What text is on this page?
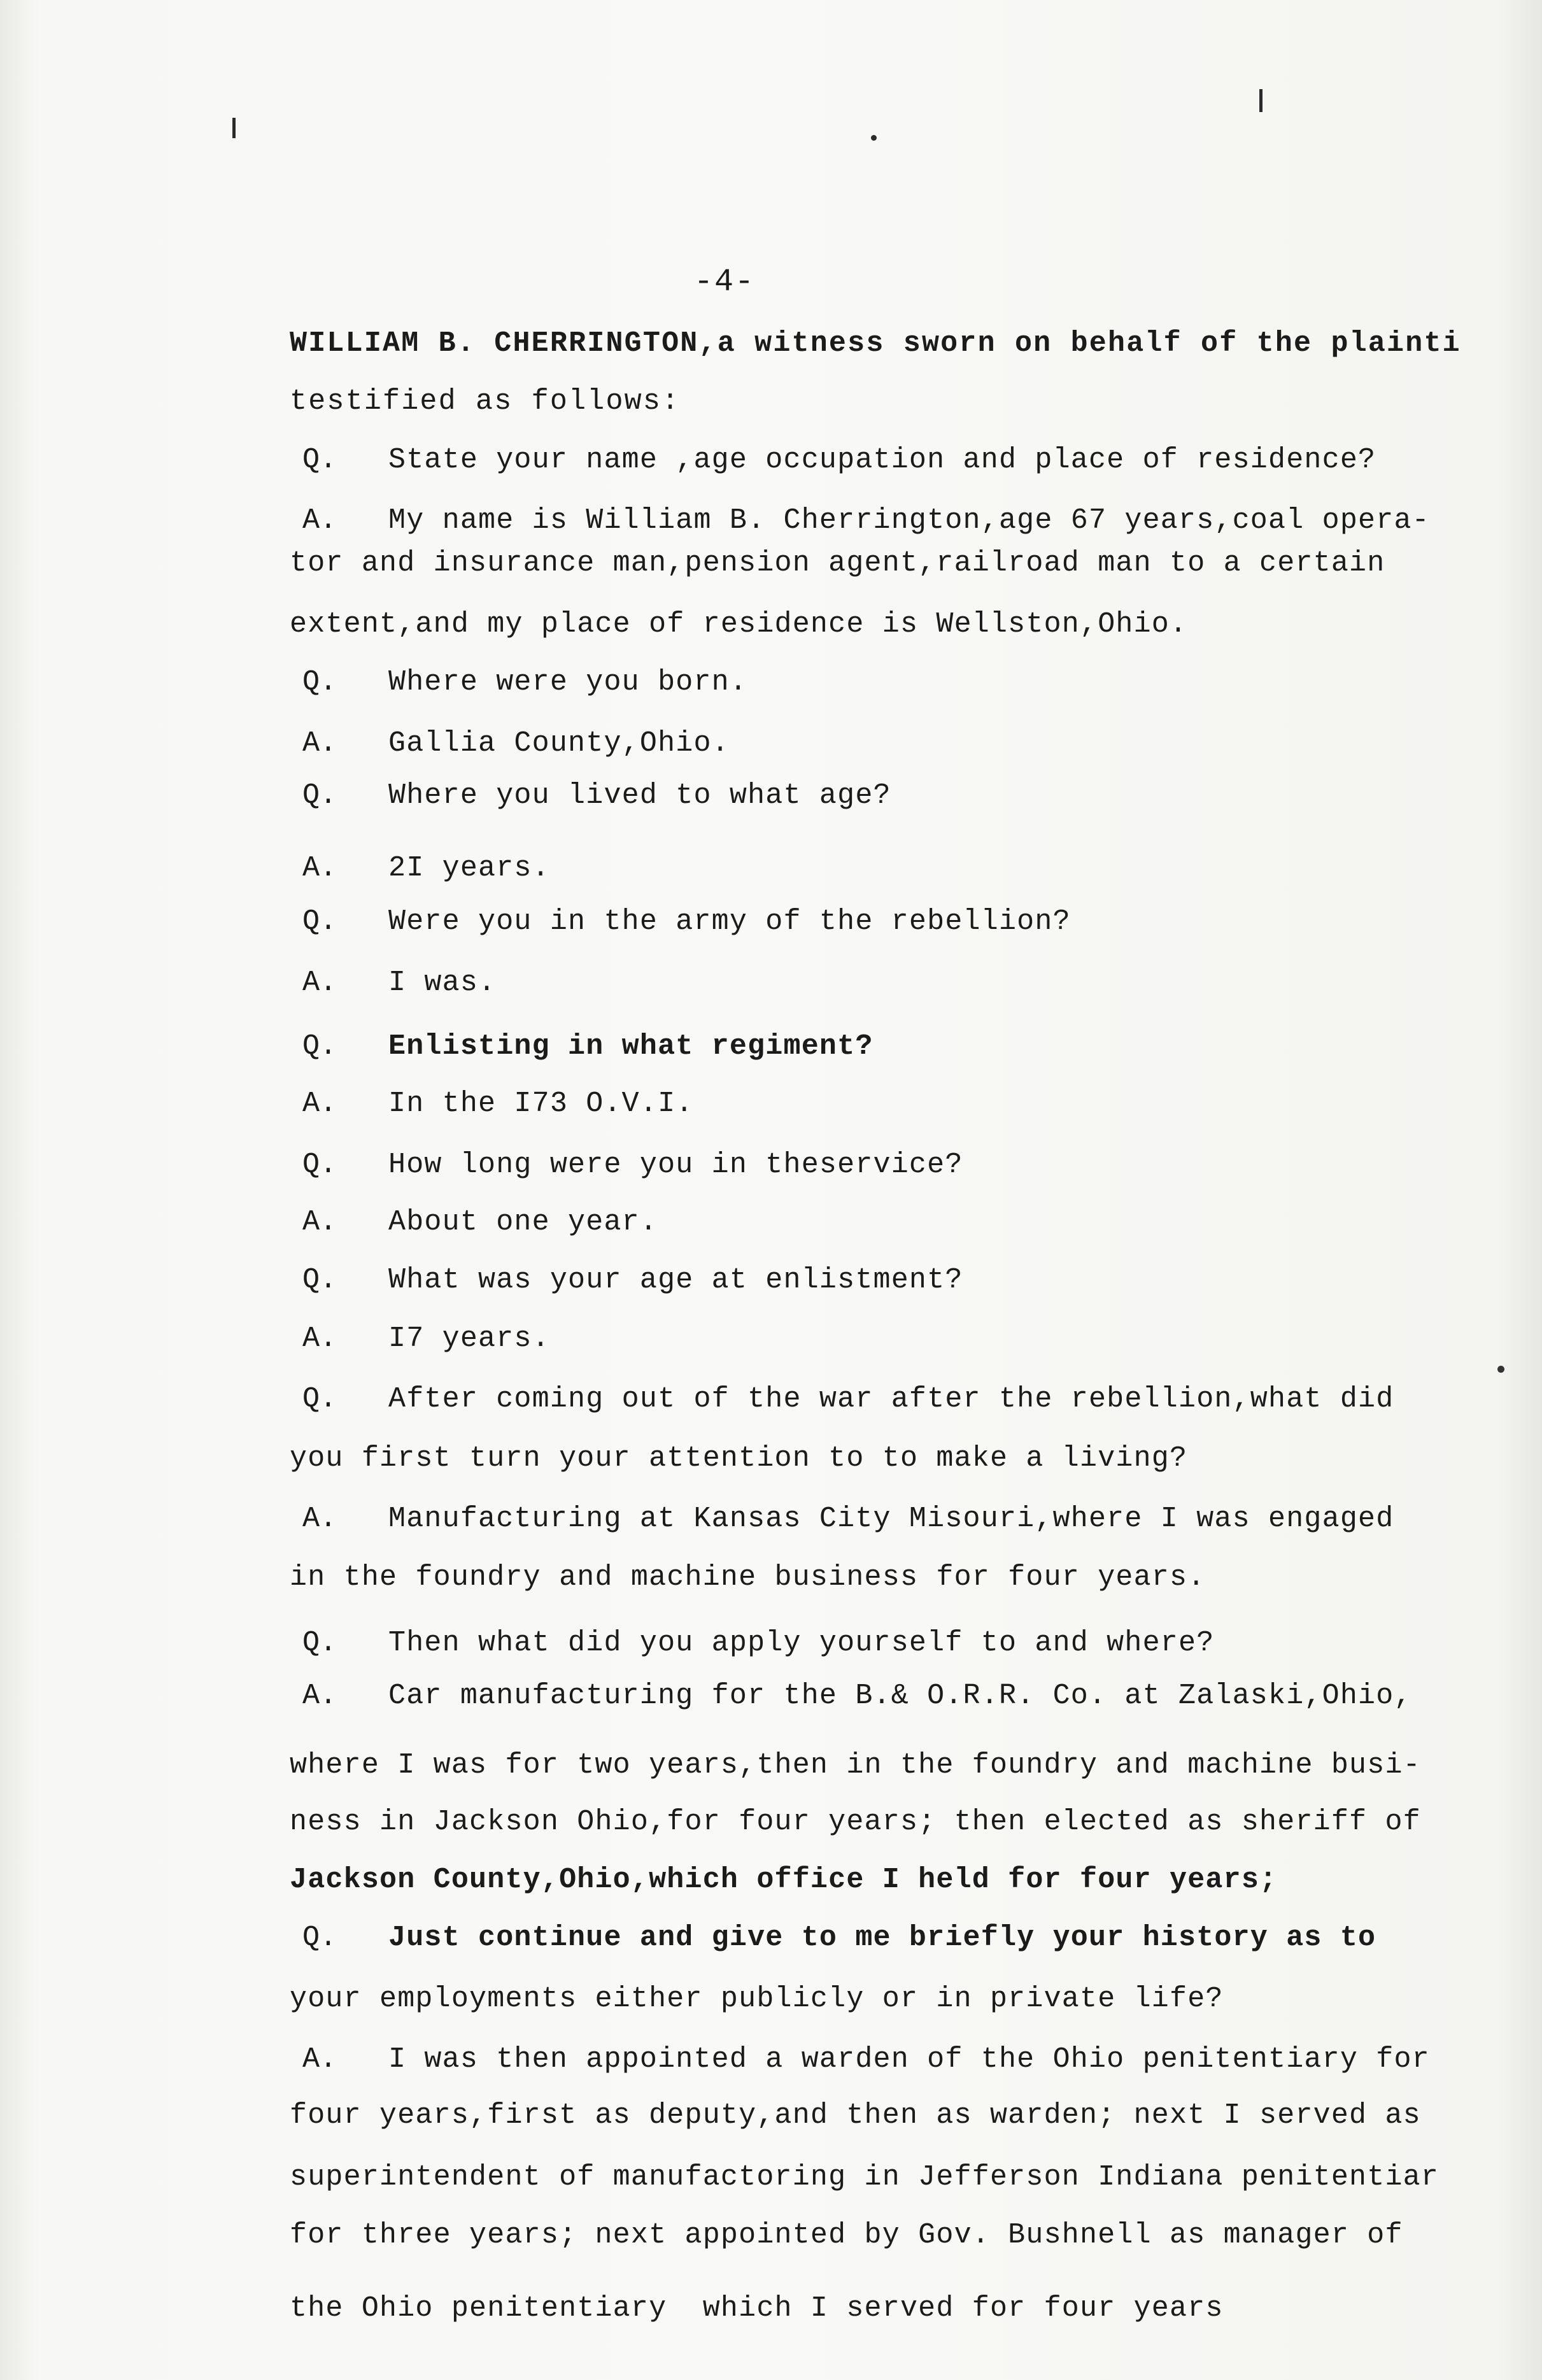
-4-
WILLIAM B. CHERRINGTON,a witness sworn on behalf of the plainti
testified as follows:
Q. State your name ,age occupation and place of residence?
A. My name is William B. Cherrington,age 67 years,coal opera-
tor and insurance man,pension agent,railroad man to a certain
extent,and my place of residence is Wellston,Ohio.
Q. Where were you born.
A. Gallia County,Ohio.
Q. Where you lived to what age?
A. 2I years.
Q. Were you in the army of the rebellion?
A. I was.
Q. Enlisting in what regiment?
A. In the I73 O.V.I.
Q. How long were you in theservice?
A. About one year.
Q. What was your age at enlistment?
A. I7 years.
Q. After coming out of the war after the rebellion,what did
you first turn your attention to to make a living?
A. Manufacturing at Kansas City Misouri,where I was engaged
in the foundry and machine business for four years.
Q. Then what did you apply yourself to and where?
A. Car manufacturing for the B.& O.R.R. Co. at Zalaski,Ohio,
where I was for two years,then in the foundry and machine busi-
ness in Jackson Ohio,for four years; then elected as sheriff of
Jackson County,Ohio,which office I held for four years;
Q. Just continue and give to me briefly your history as to
your employments either publicly or in private life?
A. I was then appointed a warden of the Ohio penitentiary for
four years,first as deputy,and then as warden; next I served as
superintendent of manufactoring in Jefferson Indiana penitentiar
for three years; next appointed by Gov. Bushnell as manager of
the Ohio penitentiary  which I served for four years
